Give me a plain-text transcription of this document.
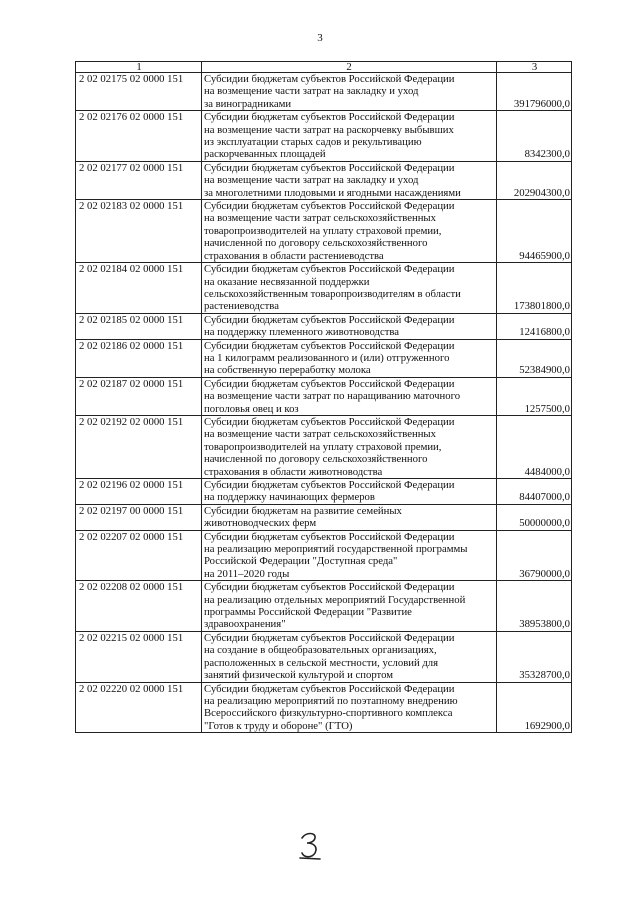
3
1	2	3
2 02 02175 02 0000 151	Субсидии бюджетам субъектов Российской Федерации
на возмещение части затрат на закладку и уход
за виноградниками	391796000,0
2 02 02176 02 0000 151	Субсидии бюджетам субъектов Российской Федерации
на возмещение части затрат на раскорчевку выбывших
из эксплуатации старых садов и рекультивацию
раскорчеванных площадей	8342300,0
2 02 02177 02 0000 151	Субсидии бюджетам субъектов Российской Федерации
на возмещение части затрат на закладку и уход
за многолетними плодовыми и ягодными насаждениями	202904300,0
2 02 02183 02 0000 151	Субсидии бюджетам субъектов Российской Федерации
на возмещение части затрат сельскохозяйственных
товаропроизводителей на уплату страховой премии,
начисленной по договору сельскохозяйственного
страхования в области растениеводства	94465900,0
2 02 02184 02 0000 151	Субсидии бюджетам субъектов Российской Федерации
на оказание несвязанной поддержки
сельскохозяйственным товаропроизводителям в области
растениеводства	173801800,0
2 02 02185 02 0000 151	Субсидии бюджетам субъектов Российской Федерации
на поддержку племенного животноводства	12416800,0
2 02 02186 02 0000 151	Субсидии бюджетам субъектов Российской Федерации
на 1 килограмм реализованного и (или) отгруженного
на собственную переработку молока	52384900,0
2 02 02187 02 0000 151	Субсидии бюджетам субъектов Российской Федерации
на возмещение части затрат по наращиванию маточного
поголовья овец и коз	1257500,0
2 02 02192 02 0000 151	Субсидии бюджетам субъектов Российской Федерации
на возмещение части затрат сельскохозяйственных
товаропроизводителей на уплату страховой премии,
начисленной по договору сельскохозяйственного
страхования в области животноводства	4484000,0
2 02 02196 02 0000 151	Субсидии бюджетам субъектов Российской Федерации
на поддержку начинающих фермеров	84407000,0
2 02 02197 00 0000 151	Субсидии бюджетам на развитие семейных
животноводческих ферм	50000000,0
2 02 02207 02 0000 151	Субсидии бюджетам субъектов Российской Федерации
на реализацию мероприятий государственной программы
Российской Федерации "Доступная среда"
на 2011–2020 годы	36790000,0
2 02 02208 02 0000 151	Субсидии бюджетам субъектов Российской Федерации
на реализацию отдельных мероприятий Государственной
программы Российской Федерации "Развитие
здравоохранения"	38953800,0
2 02 02215 02 0000 151	Субсидии бюджетам субъектов Российской Федерации
на создание в общеобразовательных организациях,
расположенных в сельской местности, условий для
занятий физической культурой и спортом	35328700,0
2 02 02220 02 0000 151	Субсидии бюджетам субъектов Российской Федерации
на реализацию мероприятий по поэтапному внедрению
Всероссийского физкультурно-спортивного комплекса
"Готов к труду и обороне" (ГТО)	1692900,0
